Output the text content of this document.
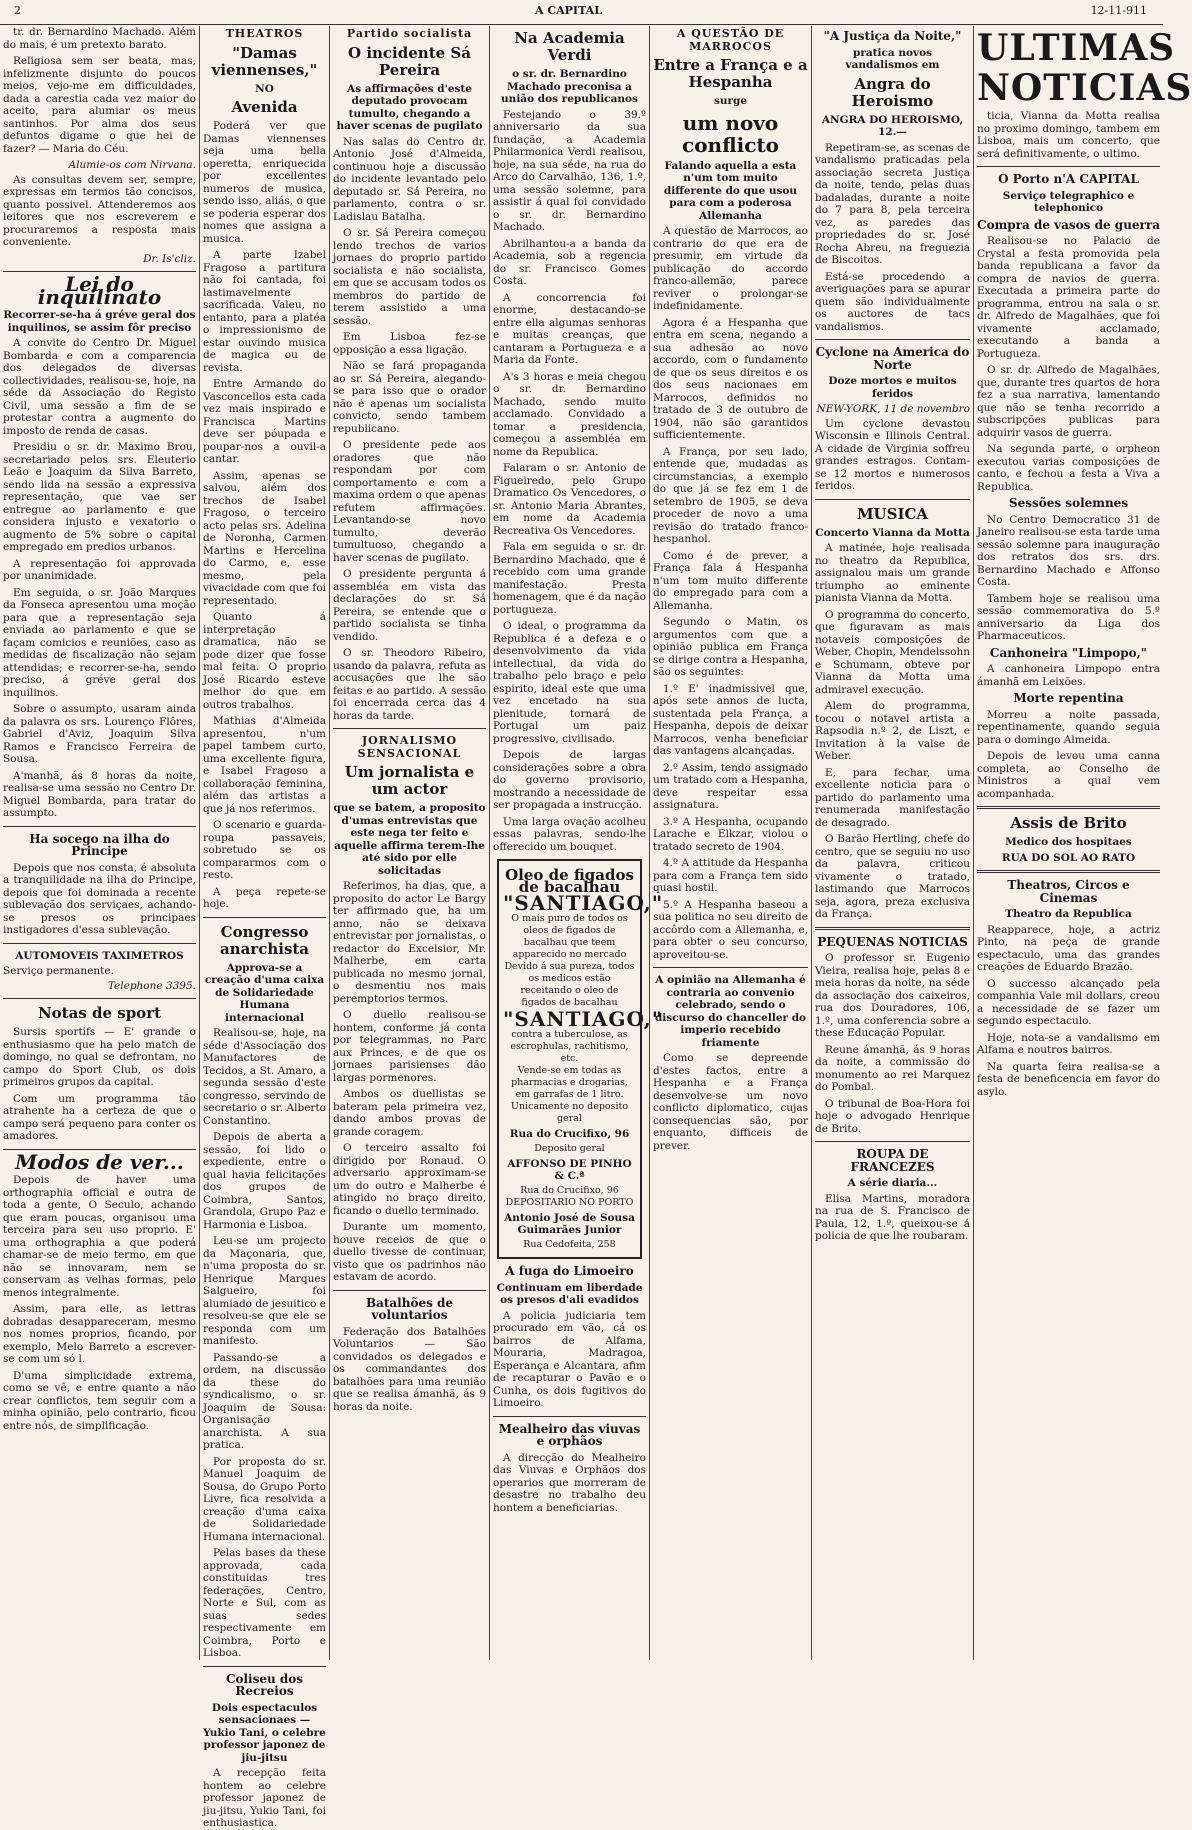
2	A CAPITAL	12-11-911

tr. dr. Bernardino Machado. Além do mais, é um pretexto barato.

Religiosa sem ser beata, mas, infelizmente disjunto do poucos meios, vejo-me em difficuldades, dada a carestia cada vez maior do aceito, para alumiar os meus santinhos. Por alma dos seus defuntos digame o que hei de fazer? — Maria do Céu.

Alumie-os com Nirvana.

As consultas devem ser, sempre, expressas em termos tão concisos, quanto possivel. Attenderemos aos leitores que nos escreverem e procuraremos a resposta mais conveniente.

Dr. Is'cliz.
Lei do inquilinato
Recorrer-se-ha á gréve geral dos inquilinos, se assim fôr preciso

A convite do Centro Dr. Miguel Bombarda e com a comparencia dos delegados de diversas collectividades, realisou-se, hoje, na séde da Associação do Registo Civil, uma sessão a fim de se protestar contra a augmento do imposto de renda de casas.

Presidiu o sr. dr. Maximo Brou, secretariado pelos srs. Eleuterio Leão e Joaquim da Silva Barreto, sendo lida na sessão a expressiva representação, que vae ser entregue ao parlamento e que considera injusto e vexatorio o augmento de 5% sobre o capital empregado em predios urbanos.

A representação foi approvada por unanimidade.

Em seguida, o sr. João Marques da Fonseca apresentou uma moção para que a representação seja enviada ao parlamento e que se façam comicios e reuniões, caso as medidas de fiscalização não sejam attendidas; e recorrer-se-ha, sendo preciso, á gréve geral dos inquilinos.

Sobre o assumpto, usaram ainda da palavra os srs. Lourenço Flôres, Gabriel d'Aviz, Joaquim Silva Ramos e Francisco Ferreira de Sousa.

A'manhã, ás 8 horas da noite, realisa-se uma sessão no Centro Dr. Miguel Bombarda, para tratar do assumpto.

Ha socego na ilha do Principe

Depois que nos consta, é absoluta a tranquilidade na ilha do Principe, depois que foi dominada a recente sublevação dos serviçaes, achando-se presos os principaes instigadores d'essa sublevação.

AUTOMOVEIS TAXIMETROS
Serviço permanente.
Telephone 3395.
Notas de sport

Sursis sportifs — E' grande o enthusiasmo que ha pelo match de domingo, no qual se defrontam, no campo do Sport Club, os dois primeiros grupos da capital.

Com um programma tão atrahente ha a certeza de que o campo será pequeno para conter os amadores.

Modos de ver...

Depois de haver uma orthographia official e outra de toda a gente, O Seculo, achando que eram poucas, organisou uma terceira para seu uso proprio. E' uma orthographia a que poderá chamar-se de meio termo, em que não se innovaram, nem se conservam as velhas formas, pelo menos integralmente.

Assim, para elle, as lettras dobradas desappareceram, mesmo nos nomes proprios, ficando, por exemplo, Melo Barreto a escrever-se com um só l.

D'uma simplicidade extrema, como se vê, e entre quanto a não crear conflictos, tem seguir com a minha opinião, pelo contrario, ficou entre nós, de simplificação.

THEATROS
"Damas viennenses,"
NO
Avenida

Poderá ver que Damas viennenses seja uma bella operetta, enriquecida por excellentes numeros de musica, sendo isso, aliás, o que se poderia esperar dos nomes que assigna a musica.

A parte Izabel Fragoso a partitura não foi cantada, foi lastimavelmente sacrificada. Valeu, no entanto, para a platéa o impressionismo de estar ouvindo musica de magica ou de revista.

Entre Armando do Vasconcellos esta cada vez mais inspirado e Francisca Martins deve ser póupada e poupar-nos a ouvil-a cantar.

Assim, apenas se salvou, além dos trechos de Isabel Fragoso, o terceiro acto pelas srs. Adelina de Noronha, Carmen Martins e Hercelina do Carmo, e, esse mesmo, pela vivacidade com que foi representado.

Quanto á interpretação dramatica, não se pode dizer que fosse mal feita. O proprio José Ricardo esteve melhor do que em outros trabalhos.

Mathias d'Almeida apresentou, n'um papel tambem curto, uma excellente figura, e Isabel Fragoso a collaboração feminina, além das artistas a que já nos referimos.

O scenario e guarda-roupa passaveis, sobretudo se os compararmos com o resto.

A peça repete-se hoje.

Congresso anarchista
Approva-se a creação d'uma caixa de Solidariedade Humana internacional

Realisou-se, hoje, na séde d'Associação dos Manufactores de Tecidos, a St. Amaro, a segunda sessão d'este congresso, servindo de secretario o sr. Alberto Constantino.

Depois de aberta a sessão, foi lido o expediente, entre o qual havia felicitações dos grupos de Coimbra, Santos, Grandola, Grupo Paz e Harmonia e Lisboa.

Leu-se um projecto da Maçonaria, que, n'uma proposta do sr. Henrique Marques Salgueiro, foi alumiado de jesuitico e resolveu-se que ele se responda com um manifesto.

Passando-se a ordem, na discussão da these do syndicalismo, o sr. Joaquim de Sousa: Organisação anarchista. A sua pratica.

Por proposta do sr. Manuel Joaquim de Sousa, do Grupo Porto Livre, fica resolvida a creação d'uma caixa de Solidariedade Humana internacional.

Pelas bases da these approvada, cada constituidas tres federações, Centro, Norte e Sul, com as suas sedes respectivamente em Coimbra, Porto e Lisboa.

Coliseu dos Recreios
Dois espectaculos sensacionaes — Yukio Tani, o celebre professor japonez de jiu-jitsu

A recepção feita hontem ao celebre professor japonez de jiu-jitsu, Yukio Tani, foi enthusiastica.

Partido socialista
O incidente Sá Pereira
As affirmações d'este deputado provocam tumulto, chegando a haver scenas de pugilato

Nas salas do Centro dr. Antonio José d'Almeida, continuou hoje a discussão do incidente levantado pelo deputado sr. Sá Pereira, no parlamento, contra o sr. Ladislau Batalha.

O sr. Sá Pereira começou lendo trechos de varios jornaes do proprio partido socialista e não socialista, em que se accusam todos os membros do partido de terem assistido a uma sessão.

Em Lisboa fez-se opposição a essa ligação.

Não se fará propaganda ao sr. Sá Pereira, alegando-se para isso que o orador não é apenas um socialista convicto, sendo tambem republicano.

O presidente pede aos oradores que não respondam por com comportamento e com a maxima ordem o que apenas refutem affirmações. Levantando-se novo tumulto, deverão tumultuoso, chegando a haver scenas de pugilato.

O presidente pergunta á assembléa em vista das declarações do sr. Sá Pereira, se entende que o partido socialista se tinha vendido.

O sr. Theodoro Ribeiro, usando da palavra, refuta as accusações que lhe são feitas e ao partido. A sessão foi encerrada cerca das 4 horas da tarde.

JORNALISMO SENSACIONAL
Um jornalista e um actor
que se batem, a proposito d'umas entrevistas que este nega ter feito e aquelle affirma terem-lhe até sido por elle solicitadas

Referimos, ha dias, que, a proposito do actor Le Bargy ter affirmado que, ha um anno, não se deixava entrevistar por jornalistas, o redactor do Excelsior, Mr. Malherbe, em carta publicada no mesmo jornal, o desmentiu nos mais peremptorios termos.

O duello realisou-se hontem, conforme já conta por telegrammas, no Parc aux Princes, e de que os jornaes parisienses dão largas pormenores.

Ambos os duellistas se bateram pela primeira vez, dando ambos provas de grande coragem.

O terceiro assalto foi dirigido por Ronaud. O adversario approximam-se um do outro e Malherbe é atingido no braço direito, ficando o duello terminado.

Durante um momento, houve receios de que o duello tivesse de continuar, visto que os padrinhos não estavam de acordo.

Batalhões de voluntarios

Federação dos Batalhões Voluntarios — São convidados os delegados e os commandantes dos batalhões para uma reunião que se realisa ámanhã, ás 9 horas da noite.

Na Academia Verdi
o sr. dr. Bernardino Machado preconisa a união dos republicanos

Festejando o 39.º anniversario da sua fundação, a Academia Philarmonica Verdi realisou, hoje, na sua séde, na rua do Arco do Carvalhão, 136, 1.º, uma sessão solemne, para assistir á qual foi convidado o sr. dr. Bernardino Machado.

Abrilhantou-a a banda da Academia, sob a regencia do sr. Francisco Gomes Costa.

A concorrencia foi enorme, destacando-se entre ella algumas senhoras e muitas creanças, que cantaram a Portugueza e a Maria da Fonte.

A's 3 horas e meia chegou o sr. dr. Bernardino Machado, sendo muito acclamado. Convidado a tomar a presidencia, começou a assembléa em nome da Republica.

Falaram o sr. Antonio de Figueiredo, pelo Grupo Dramatico Os Vencedores, o sr. Antonio Maria Abrantes, em nome da Academia Recreativa Os Vencedores.

Fala em seguida o sr. dr. Bernardino Machado, que é recebido com uma grande manifestação. Presta homenagem, que é da nação portugueza.

O ideal, o programma da Republica é a defeza e o desenvolvimento da vida intellectual, da vida do trabalho pelo braço e pelo espirito, ideal este que uma vez encetado na sua plenitude, tornará de Portugal um paiz progressivo, civilisado.

Depois de largas considerações sobre a obra do governo provisorio, mostrando a necessidade de ser propagada a instrucção.

Uma larga ovação acolheu essas palavras, sendo-lhe offerecido um bouquet.

Oleo de figados de bacalhau
"SANTIAGO,"
O mais puro de todos os oleos de figados de bacalhau que teem apparecido no mercado
Devido á sua pureza, todos os medicos estão receitando o oleo de figados de bacalhau
"SANTIAGO,"
contra a tuberculose, as escrophulas, rachitismo, etc.
Vende-se em todas as pharmacias e drogarias, em garrafas de 1 litro. Unicamente no deposito geral
Rua do Crucifixo, 96
Deposito geral
AFFONSO DE PINHO & C.ª
Rua do Crucifixo, 96
DEPOSITARIO NO PORTO
Antonio José de Sousa Guimarães Junior
Rua Cedofeita, 258
A fuga do Limoeiro
Continuam em liberdade os presos d'ali evadidos

A policia judiciaria tem procurado em vão, cá os bairros de Alfama, Mouraria, Madragoa, Esperança e Alcantara, afim de recapturar o Pavão e o Cunha, os dois fugitivos do Limoeiro.

Mealheiro das viuvas e orphãos

A direcção do Mealheiro das Viuvas e Orphãos dos operarios que morreram de desastre no trabalho deu hontem a beneficiarias.

A QUESTÃO DE MARROCOS
Entre a França e a Hespanha
surge
um novo conflicto
Falando aquella a esta n'um tom muito differente do que usou para com a poderosa Allemanha

A questão de Marrocos, ao contrario do que era de presumir, em virtude da publicação do accordo franco-allemão, parece reviver o prolongar-se indefinidamente.

Agora é a Hespanha que entra em scena, negando a sua adhesão ao novo accordo, com o fundamento de que os seus direitos e os dos seus nacionaes em Marrocos, definidos no tratado de 3 de outubro de 1904, não são garantidos sufficientemente.

A França, por seu lado, entende que, mudadas as circumstancias, a exemplo do que já se fez em 1 de setembro de 1905, se deva proceder de novo a uma revisão do tratado franco-hespanhol.

Como é de prever, a França fala á Hespanha n'um tom muito differente do empregado para com a Allemanha.

Segundo o Matin, os argumentos com que a opinião publica em França se dirige contra a Hespanha, são os seguintes:

1.º E' inadmissivel que, após sete annos de lucta, sustentada pela França, a Hespanha, depois de deixar Marrocos, venha beneficiar das vantagens alcançadas.

2.º Assim, tendo assignado um tratado com a Hespanha, deve respeitar essa assignatura.

3.º A Hespanha, ocupando Larache e Elkzar, violou o tratado secreto de 1904.

4.º A attitude da Hespanha para com a França tem sido quasi hostil.

5.º A Hespanha baseou a sua politica no seu direito de accôrdo com a Allemanha, e, para obter o seu concurso, aproveitou-se.

A opinião na Allemanha é contraria ao convenio celebrado, sendo o discurso do chanceller do imperio recebido friamente

Como se depreende d'estes factos, entre a Hespanha e a França desenvolve-se um novo conflicto diplomatico, cujas consequencias são, por enquanto, difficeis de prever.

"A Justiça da Noite,"
pratica novos vandalismos em
Angra do Heroismo
ANGRA DO HEROISMO, 12.—

Repetiram-se, as scenas de vandalismo praticadas pela associação secreta Justiça da noite, tendo, pelas duas badaladas, durante a noite do 7 para 8, pela terceira vez, as paredes das propriedades do sr. José Rocha Abreu, na freguezia de Biscoitos.

Está-se procedendo a averiguações para se apurar quem são individualmente os auctores de tacs vandalismos.

Cyclone na America do Norte
Doze mortos e muitos feridos
NEW-YORK, 11 de novembro

Um cyclone devastou Wisconsin e Illinois Central. A cidade de Virginia soffreu grandes estragos. Contam-se 12 mortos e numerosos feridos.

MUSICA
Concerto Vianna da Motta

A matinée, hoje realisada no theatro da Republica, assignalou mais um grande triumpho ao eminente pianista Vianna da Motta.

O programma do concerto, que figuravam as mais notaveis composições de Weber, Chopin, Mendelssohn e Schumann, obteve por Vianna da Motta uma admiravel execução.

Alem do programma, tocou o notavel artista a Rapsodia n.º 2, de Liszt, e Invitation à la valse de Weber.

E, para fechar, uma excellente noticia para o partido do parlamento uma renumerada manifestação de desagrado.

O Barão Hertling, chefe do centro, que se seguiu no uso da palavra, criticou vivamente o tratado, lastimando que Marrocos seja, agora, preza exclusiva da França.

PEQUENAS NOTICIAS

O professor sr. Eugenio Vieira, realisa hoje, pelas 8 e meia horas da noite, na séde da associação dos caixeiros, rua dos Douradores, 106, 1.º, uma conferencia sobre a these Educação Popular.

Reune ámanhã, ás 9 horas da noite, a commissão do monumento ao rei Marquez do Pombal.

O tribunal de Boa-Hora foi hoje o advogado Henrique de Brito.

ROUPA DE FRANCEZES
A série diaria...

Elisa Martins, moradora na rua de S. Francisco de Paula, 12, 1.º, queixou-se á policia de que lhe roubaram.

ULTIMAS NOTICIAS

ticia, Vianna da Motta realisa no proximo domingo, tambem em Lisboa, mais um concerto, que será definitivamente, o ultimo.

O Porto n'A CAPITAL
Serviço telegraphico e telephonico
Compra de vasos de guerra

Realisou-se no Palacio de Crystal a festa promovida pela banda republicana a favor da compra de navios de guerra. Executada a primeira parte do programma, entrou na sala o sr. dr. Alfredo de Magalhães, que foi vivamente acclamado, executando a banda a Portugueza.

O sr. dr. Alfredo de Magalhães, que, durante tres quartos de hora fez a sua narrativa, lamentando que não se tenha recorrido a subscripções publicas para adquirir vasos de guerra.

Na segunda parte, o orpheon executou varias composições de canto, e fechou a festa a Viva a Republica.

Sessões solemnes

No Centro Democratico 31 de Janeiro realisou-se esta tarde uma sessão solemne para inauguração dos retratos dos srs. drs. Bernardino Machado e Affonso Costa.

Tambem hoje se realisou uma sessão commemorativa do 5.º anniversario da Liga dos Pharmaceuticos.

Canhoneira "Limpopo,"

A canhoneira Limpopo entra ámanhã em Leixões.

Morte repentina

Morreu a noite passada, repentinamente, quando seguia para o domingo Almeida.

Depois de levou uma canna completa, ao Conselho de Ministros a qual vem acompanhada.

Assis de Brito
Medico dos hospitaes
RUA DO SOL AO RATO
Theatros, Circos e Cinemas
Theatro da Republica

Reapparece, hoje, a actriz Pinto, na peça de grande espectaculo, uma das grandes creações de Eduardo Brazão.

O successo alcançado pela companhia Vale mil dollars, creou a necessidade de se fazer um segundo espectaculo.

Hoje, nota-se a vandalismo em Alfama e noutros bairros.

Na quarta feira realisa-se a festa de beneficencia em favor do asylo.
